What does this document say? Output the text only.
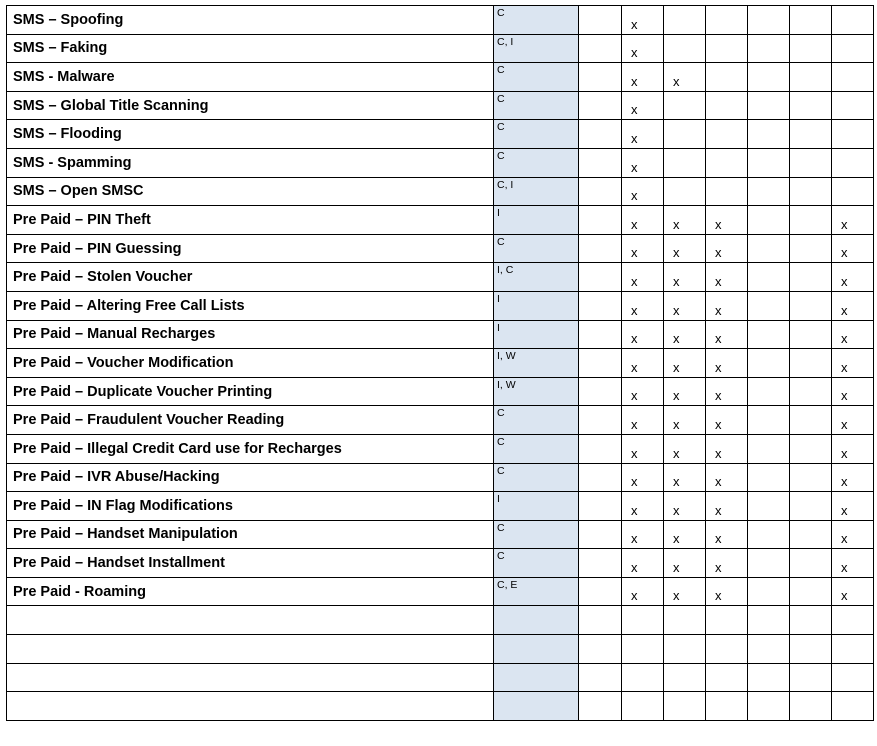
SMS – Spoofing	C		x					
SMS – Faking	C, I		x					
SMS - Malware	C		x	x				
SMS – Global Title Scanning	C		x					
SMS – Flooding	C		x					
SMS - Spamming	C		x					
SMS – Open SMSC	C, I		x					
Pre Paid – PIN Theft	I		x	x	x			x
Pre Paid – PIN Guessing	C		x	x	x			x
Pre Paid – Stolen Voucher	I, C		x	x	x			x
Pre Paid – Altering Free Call Lists	I		x	x	x			x
Pre Paid – Manual Recharges	I		x	x	x			x
Pre Paid – Voucher Modification	I, W		x	x	x			x
Pre Paid – Duplicate Voucher Printing	I, W		x	x	x			x
Pre Paid – Fraudulent Voucher Reading	C		x	x	x			x
Pre Paid – Illegal Credit Card use for Recharges	C		x	x	x			x
Pre Paid – IVR Abuse/Hacking	C		x	x	x			x
Pre Paid – IN Flag Modifications	I		x	x	x			x
Pre Paid – Handset Manipulation	C		x	x	x			x
Pre Paid – Handset Installment	C		x	x	x			x
Pre Paid - Roaming	C, E		x	x	x			x
